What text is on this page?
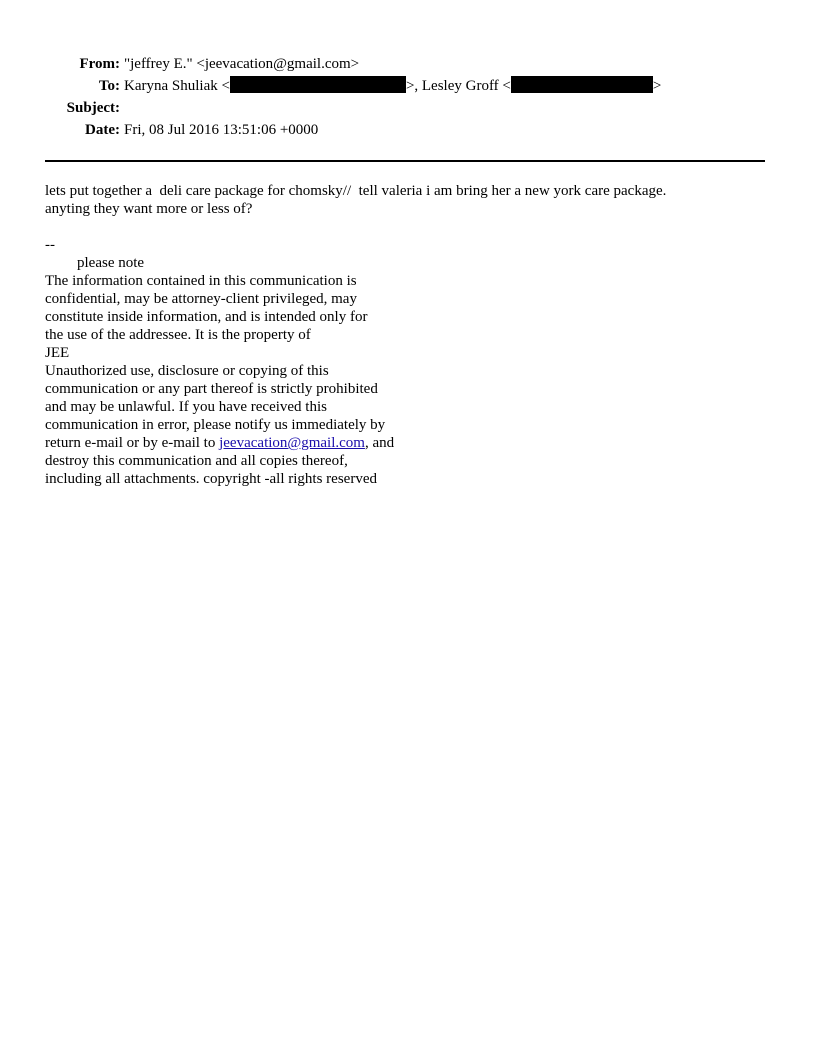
From: "jeffrey E." <jeevacation@gmail.com>
To: Karyna Shuliak <	>, Lesley Groff <	>
Subject:
Date: Fri, 08 Jul 2016 13:51:06 +0000
lets put together a  deli care package for chomsky//  tell valeria i am bring her a new york care package.
anyting they want more or less of?
--
please note
The information contained in this communication is
confidential, may be attorney-client privileged, may
constitute inside information, and is intended only for
the use of the addressee. It is the property of
JEE
Unauthorized use, disclosure or copying of this
communication or any part thereof is strictly prohibited
and may be unlawful. If you have received this
communication in error, please notify us immediately by
return e-mail or by e-mail to jeevacation@gmail.com, and
destroy this communication and all copies thereof,
including all attachments. copyright -all rights reserved
